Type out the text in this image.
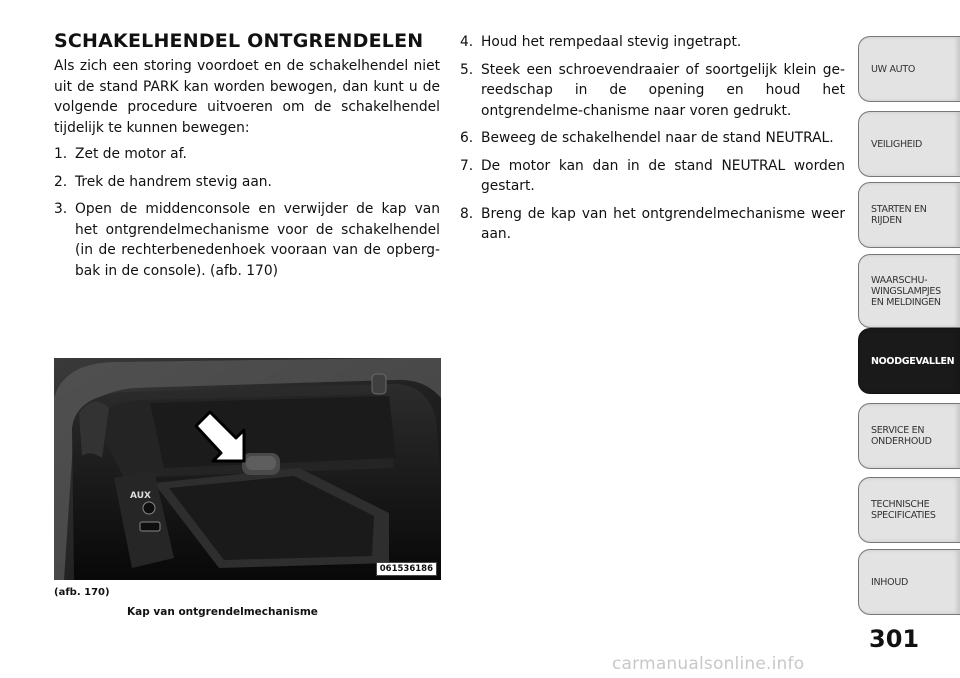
SCHAKELHENDEL ONTGRENDELEN

Als zich een storing voordoet en de schakelhendel niet uit de stand PARK kan worden bewogen, dan kunt u de volgende procedure uitvoeren om de schakelhendel tijdelijk te kunnen bewegen:

1. Zet de motor af.
2. Trek de handrem stevig aan.
3. Open de middenconsole en verwijder de kap van het ontgrendelmechanisme voor de schakelhendel (in de rechterbenedenhoek vooraan van de opberg-bak in de console). (afb. 170)
4. Houd het rempedaal stevig ingetrapt.
5. Steek een schroevendraaier of soortgelijk klein ge-reedschap in de opening en houd het ontgrendelme-chanisme naar voren gedrukt.
6. Beweeg de schakelhendel naar de stand NEUTRAL.
7. De motor kan dan in de stand NEUTRAL worden gestart.
8. Breng de kap van het ontgrendelmechanisme weer aan.
AUX
061536186
(afb. 170)
Kap van ontgrendelmechanisme
UW AUTO
VEILIGHEID
STARTEN EN
RIJDEN
WAARSCHU-
WINGSLAMPJES
EN MELDINGEN
NOODGEVALLEN
SERVICE EN
ONDERHOUD
TECHNISCHE
SPECIFICATIES
INHOUD
301
carmanualsonline.info
